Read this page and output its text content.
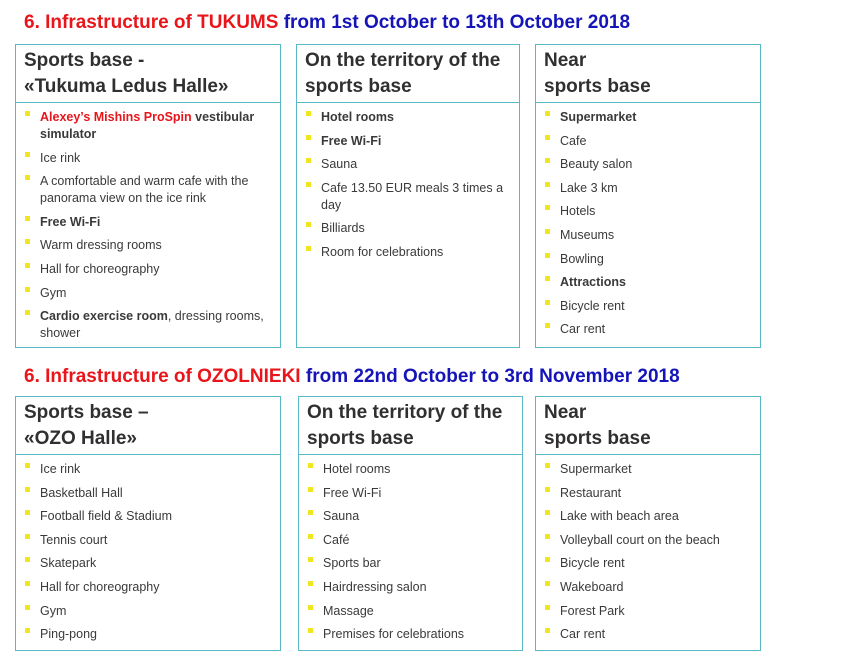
6. Infrastructure of TUKUMS from 1st October to 13th October 2018
Sports base -
«Tukuma Ledus Halle»
Alexey’s Mishins ProSpin vestibular simulator
Ice rink
A comfortable and warm cafe with the panorama view on the ice rink
Free Wi-Fi
Warm dressing rooms
Hall for choreography
Gym
Cardio exercise room, dressing rooms, shower
On the territory of the
sports base
Hotel rooms
Free Wi-Fi
Sauna
Cafe 13.50 EUR meals 3 times a day
Billiards
Room for celebrations
Near
sports base
Supermarket
Cafe
Beauty salon
Lake 3 km
Hotels
Museums
Bowling
Attractions
Bicycle rent
Car rent
6. Infrastructure of OZOLNIEKI from 22nd October to 3rd November 2018
Sports base –
«OZO Halle»
Ice rink
Basketball Hall
Football field & Stadium
Tennis court
Skatepark
Hall for choreography
Gym
Ping-pong
On the territory of the
sports base
Hotel rooms
Free Wi-Fi
Sauna
Café
Sports bar
Hairdressing salon
Massage
Premises for celebrations
Near
sports base
Supermarket
Restaurant
Lake with beach area
Volleyball court on the beach
Bicycle rent
Wakeboard
Forest Park
Car rent
